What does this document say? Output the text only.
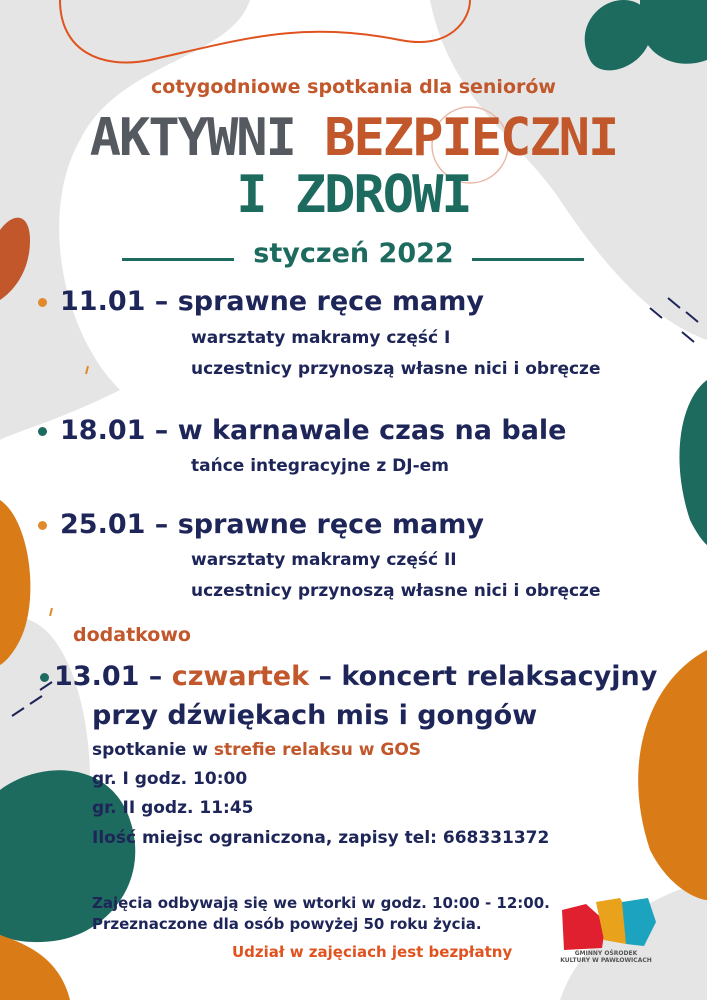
cotygodniowe spotkania dla seniorów
AKTYWNI BEZPIECZNI
I ZDROWI
styczeń 2022
11.01 – sprawne ręce mamy
warsztaty makramy część I
uczestnicy przynoszą własne nici i obręcze
18.01 – w karnawale czas na bale
tańce integracyjne z DJ-em
25.01 – sprawne ręce mamy
warsztaty makramy część II
uczestnicy przynoszą własne nici i obręcze
dodatkowo
13.01 – czwartek – koncert relaksacyjny
przy dźwiękach mis i gongów
spotkanie w strefie relaksu w GOS
gr. I godz. 10:00
gr. II godz. 11:45
Ilość miejsc ograniczona, zapisy tel: 668331372
Zajęcia odbywają się we wtorki w godz. 10:00 - 12:00.
Przeznaczone dla osób powyżej 50 roku życia.
Udział w zajęciach jest bezpłatny	GMINNY OŚRODEK KULTURY W PAWŁOWICACH
